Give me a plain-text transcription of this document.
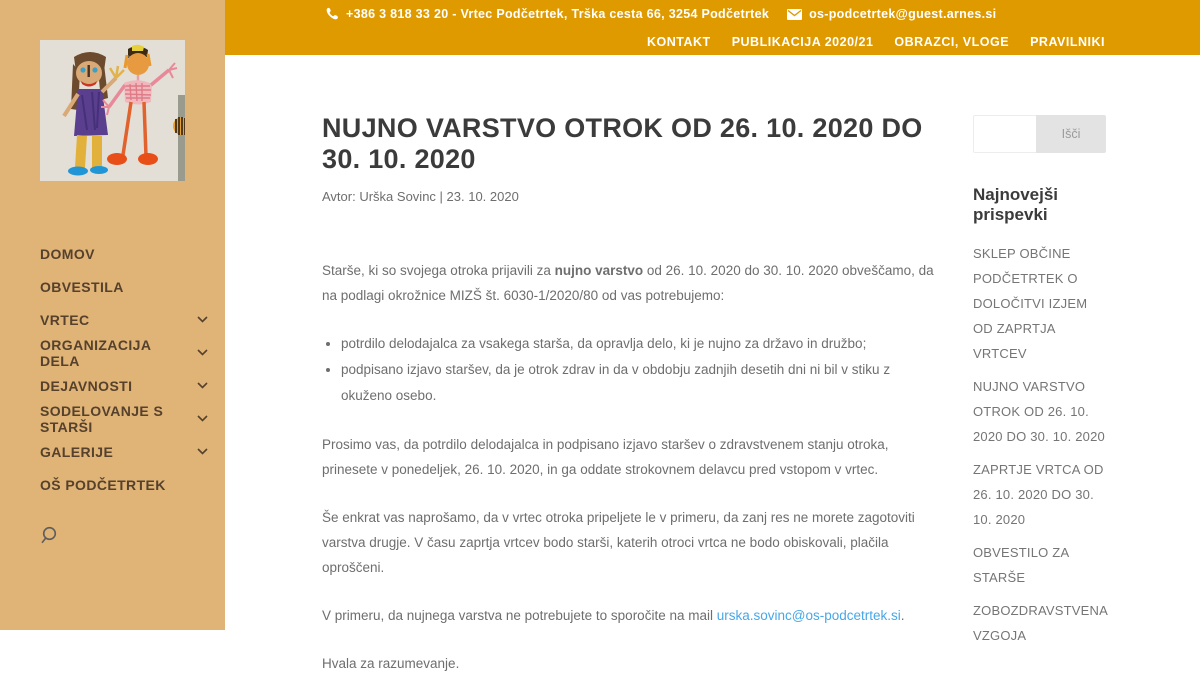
DOMOV
OBVESTILA
VRTEC
ORGANIZACIJA DELA
DEJAVNOSTI
SODELOVANJE S STARŠI
GALERIJE
OŠ PODČETRTEK
+386 3 818 33 20 - Vrtec Podčetrtek, Trška cesta 66, 3254 Podčetrtek	os-podcetrtek@guest.arnes.si
KONTAKT PUBLIKACIJA 2020/21 OBRAZCI, VLOGE PRAVILNIKI
NUJNO VARSTVO OTROK OD 26. 10. 2020 DO 30. 10. 2020
Avtor: Urška Sovinc | 23. 10. 2020

Starše, ki so svojega otroka prijavili za nujno varstvo od 26. 10. 2020 do 30. 10. 2020 obveščamo, da na podlagi okrožnice MIZŠ št. 6030-1/2020/80 od vas potrebujemo:

• potrdilo delodajalca za vsakega starša, da opravlja delo, ki je nujno za državo in družbo;
• podpisano izjavo staršev, da je otrok zdrav in da v obdobju zadnjih desetih dni ni bil v stiku z okuženo osebo.

Prosimo vas, da potrdilo delodajalca in podpisano izjavo staršev o zdravstvenem stanju otroka, prinesete v ponedeljek, 26. 10. 2020, in ga oddate strokovnem delavcu pred vstopom v vrtec.

Še enkrat vas naprošamo, da v vrtec otroka pripeljete le v primeru, da zanj res ne morete zagotoviti varstva drugje. V času zaprtja vrtcev bodo starši, katerih otroci vrtca ne bodo obiskovali, plačila oproščeni.

V primeru, da nujnega varstva ne potrebujete to sporočite na mail urska.sovinc@os-podcetrtek.si.

Hvala za razumevanje.

Išči
Najnovejši prispevki
SKLEP OBČINE PODČETRTEK O DOLOČITVI IZJEM OD ZAPRTJA VRTCEV
NUJNO VARSTVO OTROK OD 26. 10. 2020 DO 30. 10. 2020
ZAPRTJE VRTCA OD 26. 10. 2020 DO 30. 10. 2020
OBVESTILO ZA STARŠE
ZOBOZDRAVSTVENA VZGOJA
